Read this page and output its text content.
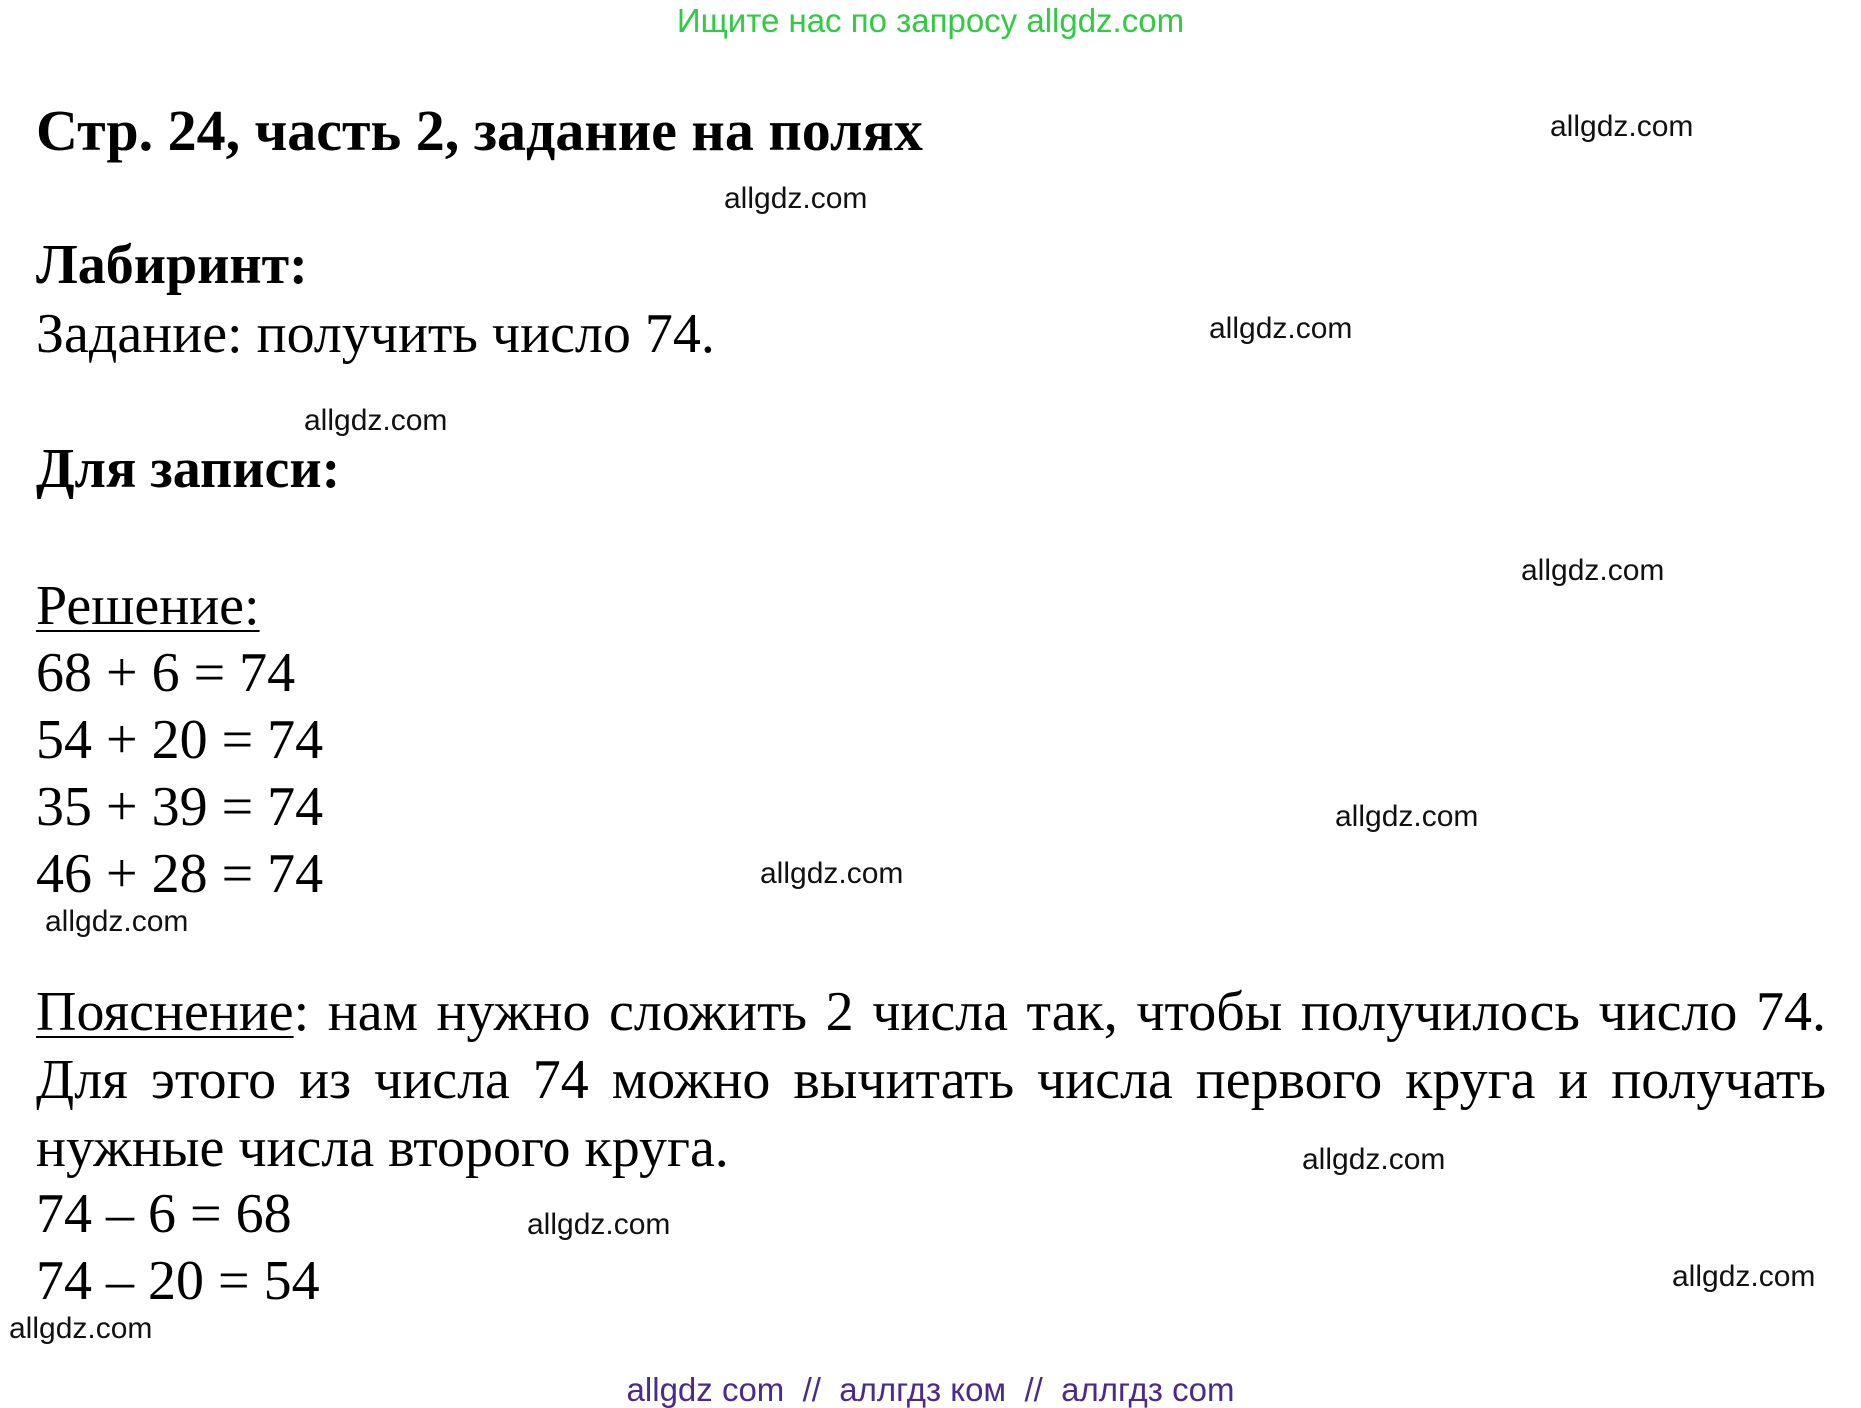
Ищите нас по запросу allgdz.com
Стр. 24, часть 2, задание на полях
Лабиринт:
Задание: получить число 74.
Для записи:
Решение:
68 + 6 = 74
54 + 20 = 74
35 + 39 = 74
46 + 28 = 74
Пояснение: нам нужно сложить 2 числа так, чтобы получилось число 74. Для этого из числа 74 можно вычитать числа первого круга и получать нужные числа второго круга.
74 – 6 = 68
74 – 20 = 54
allgdz.com
allgdz.com
allgdz.com
allgdz.com
allgdz.com
allgdz.com
allgdz.com
allgdz.com
allgdz.com
allgdz.com
allgdz.com
allgdz.com
allgdz com  //  аллгдз ком  //  аллгдз com
